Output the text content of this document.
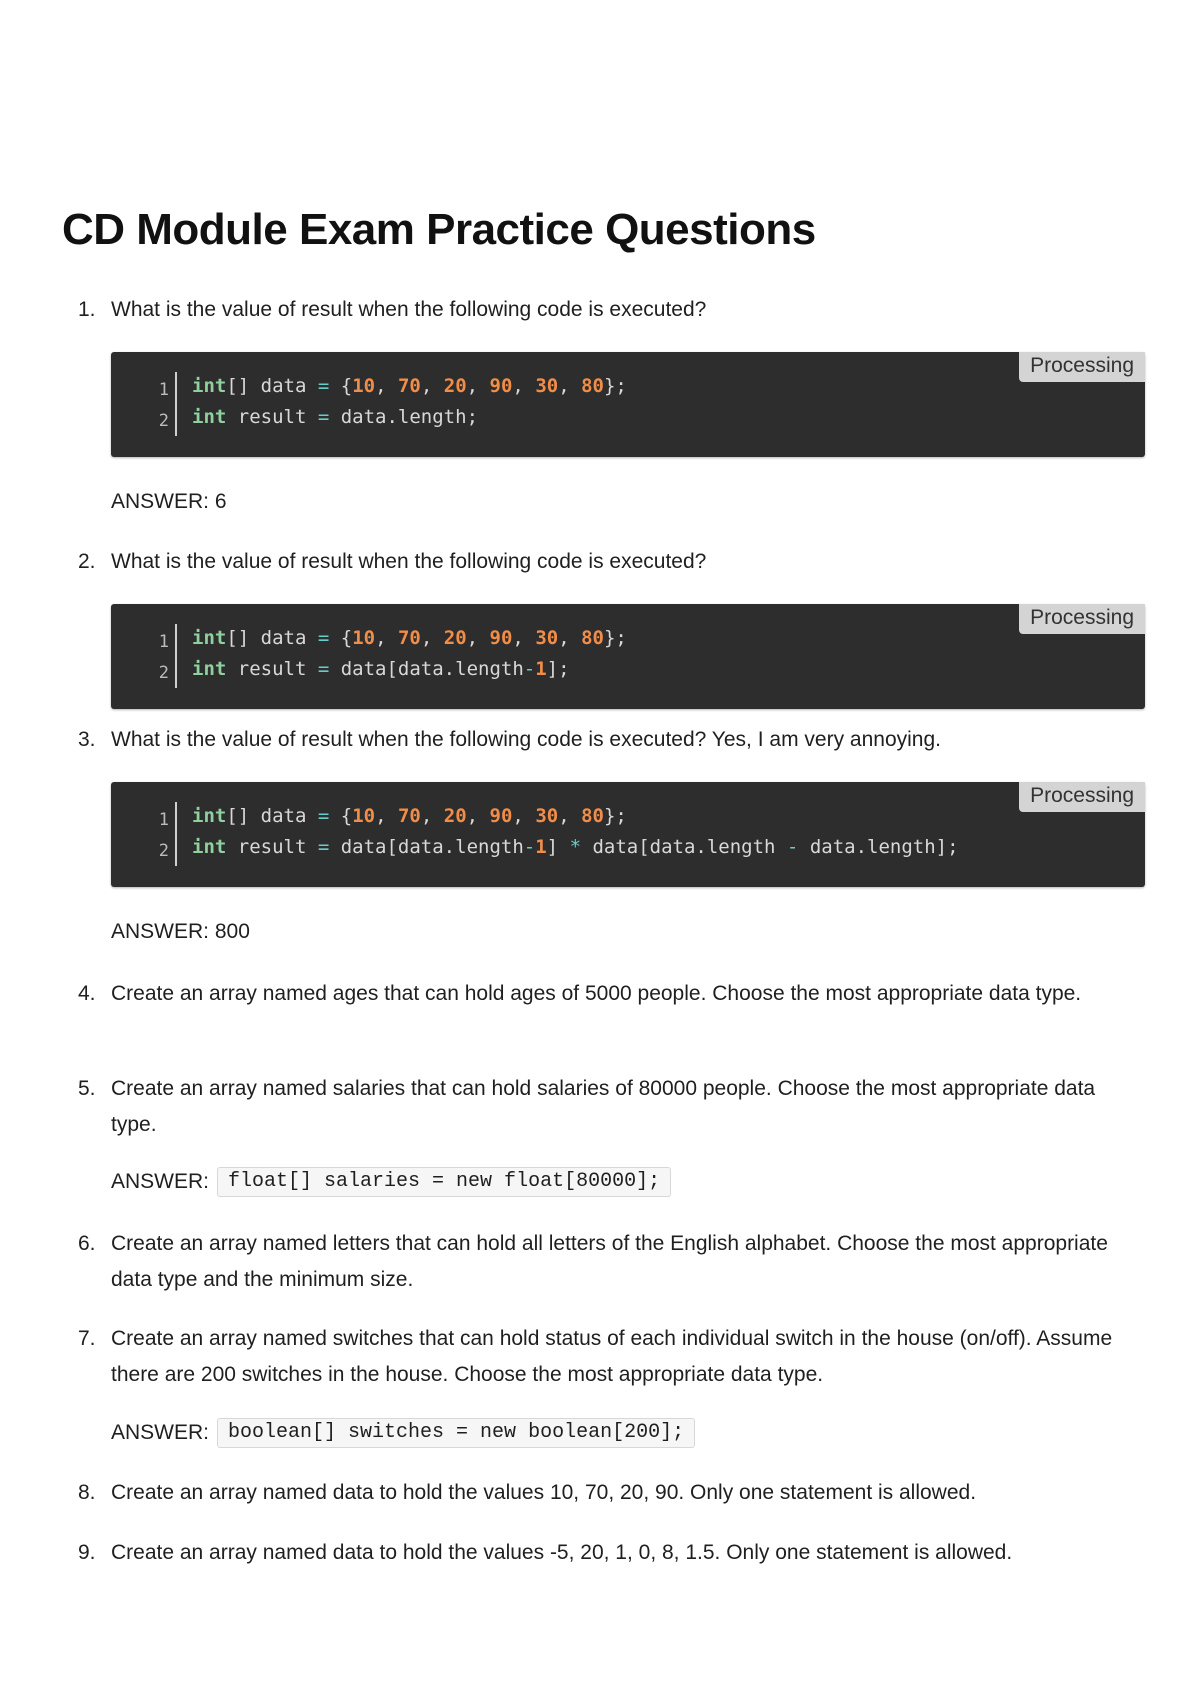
CD Module Exam Practice Questions
1. What is the value of result when the following code is executed?
Processing
1 int[] data = {10, 70, 20, 90, 30, 80};
2 int result = data.length;
ANSWER: 6
2. What is the value of result when the following code is executed?
Processing
1 int[] data = {10, 70, 20, 90, 30, 80};
2 int result = data[data.length-1];
3. What is the value of result when the following code is executed? Yes, I am very annoying.
Processing
1 int[] data = {10, 70, 20, 90, 30, 80};
2 int result = data[data.length-1] * data[data.length - data.length];
ANSWER: 800
4. Create an array named ages that can hold ages of 5000 people. Choose the most appropriate data type.
5. Create an array named salaries that can hold salaries of 80000 people. Choose the most appropriate data type.
ANSWER: float[] salaries = new float[80000];
6. Create an array named letters that can hold all letters of the English alphabet. Choose the most appropriate data type and the minimum size.
7. Create an array named switches that can hold status of each individual switch in the house (on/off). Assume there are 200 switches in the house. Choose the most appropriate data type.
ANSWER: boolean[] switches = new boolean[200];
8. Create an array named data to hold the values 10, 70, 20, 90. Only one statement is allowed.
9. Create an array named data to hold the values -5, 20, 1, 0, 8, 1.5. Only one statement is allowed.
